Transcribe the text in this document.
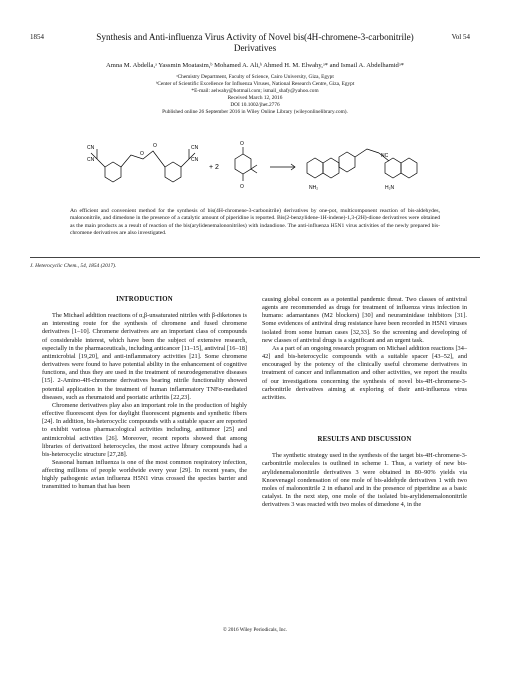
1854	Synthesis and Anti-influenza Virus Activity of Novel bis(4H-chromene-3-carbonitrile) Derivatives
Vol 54
Amna M. Abdella,ᵃ Yassmin Moatasim,ᵇ Mohamed A. Ali,ᵇ Ahmed H. M. Elwahy,ᵃ* and Ismail A. Abdelhamidᵃ*
ᵃChemistry Department, Faculty of Science, Cairo University, Giza, Egypt
ᵇCenter of Scientific Excellence for Influenza Viruses, National Research Centre, Giza, Egypt
*E-mail: aelwahy@hotmail.com; ismail_shafy@yahoo.com
Received March 12, 2016
DOI 10.1002/jhet.2776
Published online 26 September 2016 in Wiley Online Library (wileyonlinelibrary.com).
CN
CN
CN
CN
O
O	O
O
+ 2
NH₂
NC
H₂N
An efficient and convenient method for the synthesis of bis(4H-chromene-3-carbonitrile) derivatives by one-pot, multicomponent reaction of bis-aldehydes, malononitrile, and dimedone in the presence of a catalytic amount of piperidine is reported. Bis(2-benzylidene-1H-indene)-1,3-(2H)-dione derivatives were obtained as the main products as a result of reaction of the bis(arylidenemalononitriles) with indandione. The anti-influenza H5N1 virus activities of the newly prepared bis-chromene derivatives are also investigated.
J. Heterocyclic Chem., 54, 1854 (2017).

INTRODUCTION

The Michael addition reactions of α,β-unsaturated nitriles with β-diketones is an interesting route for the synthesis of chromene and fused chromene derivatives [1–10]. Chromene derivatives are an important class of compounds of considerable interest, which have been the subject of extensive research, especially in the pharmaceuticals, including anticancer [11–15], antiviral [16–18] antimicrobial [19,20], and anti-inflammatory activities [21]. Some chromene derivatives were found to have potential ability in the enhancement of cognitive functions, and thus they are used in the treatment of neurodegenerative diseases [15]. 2-Amino-4H-chromene derivatives bearing nitrile functionality showed potential application in the treatment of human inflammatory TNFα-mediated diseases, such as rheumatoid and psoriatic arthritis [22,23].

Chromene derivatives play also an important role in the production of highly effective fluorescent dyes for daylight fluorescent pigments and synthetic fibers [24]. In addition, bis-heterocyclic compounds with a suitable spacer are reported to exhibit various pharmacological activities including, antitumor [25] and antimicrobial activities [26]. Moreover, recent reports showed that among libraries of derivatized heterocycles, the most active library compounds had a bis-heterocyclic structure [27,28].

Seasonal human influenza is one of the most common respiratory infection, affecting millions of people worldwide every year [29]. In recent years, the highly pathogenic avian influenza H5N1 virus crossed the species barrier and transmitted to human that has been

causing global concern as a potential pandemic threat. Two classes of antiviral agents are recommended as drugs for treatment of influenza virus infection in humans: adamantanes (M2 blockers) [30] and neuraminidase inhibitors [31]. Some evidences of antiviral drug resistance have been recorded in H5N1 viruses isolated from some human cases [32,33]. So the screening and developing of new classes of antiviral drugs is a significant and an urgent task.

As a part of an ongoing research program on Michael addition reactions [34–42] and bis-heterocyclic compounds with a suitable spacer [43–52], and encouraged by the potency of the clinically useful chromene derivatives in treatment of cancer and inflammation and other activities, we report the results of our investigations concerning the synthesis of novel bis-4H-chromene-3-carbonitrile derivatives aiming at exploring of their anti-influenza virus activities.

RESULTS AND DISCUSSION

The synthetic strategy used in the synthesis of the target bis-4H-chromene-3-carbonitrile molecules is outlined in scheme 1. Thus, a variety of new bis-arylidenemalononitrile derivatives 3 were obtained in 80–90% yields via Knoevenagel condensation of one mole of bis-aldehyde derivatives 1 with two moles of malononitrile 2 in ethanol and in the presence of piperidine as a basic catalyst. In the next step, one mole of the isolated bis-arylidenemalononitrile derivatives 3 was reacted with two moles of dimedone 4, in the

© 2016 Wiley Periodicals, Inc.
